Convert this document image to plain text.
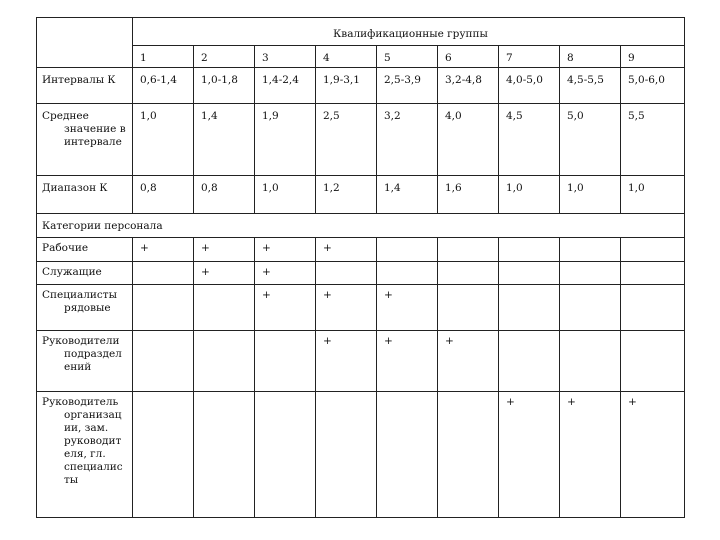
	Квалификационные группы								
	1	2	3	4	5	6	7	8	9
Интервалы К	0,6-1,4	1,0-1,8	1,4-2,4	1,9-3,1	2,5-3,9	3,2-4,8	4,0-5,0	4,5-5,5	5,0-6,0

Среднее
значение в интервале	1,0	1,4	1,9	2,5	3,2	4,0	4,5	5,0	5,5
Диапазон К	0,8	0,8	1,0	1,2	1,4	1,6	1,0	1,0	1,0
Категории персонала									
Рабочие	+	+	+	+					
Служащие		+	+						

Специалисты
рядовые			+	+	+				

Руководители
подраздел ений				+	+	+			

Руководитель
организац ии, зам. руководит еля, гл. специалис ты							+	+	+
